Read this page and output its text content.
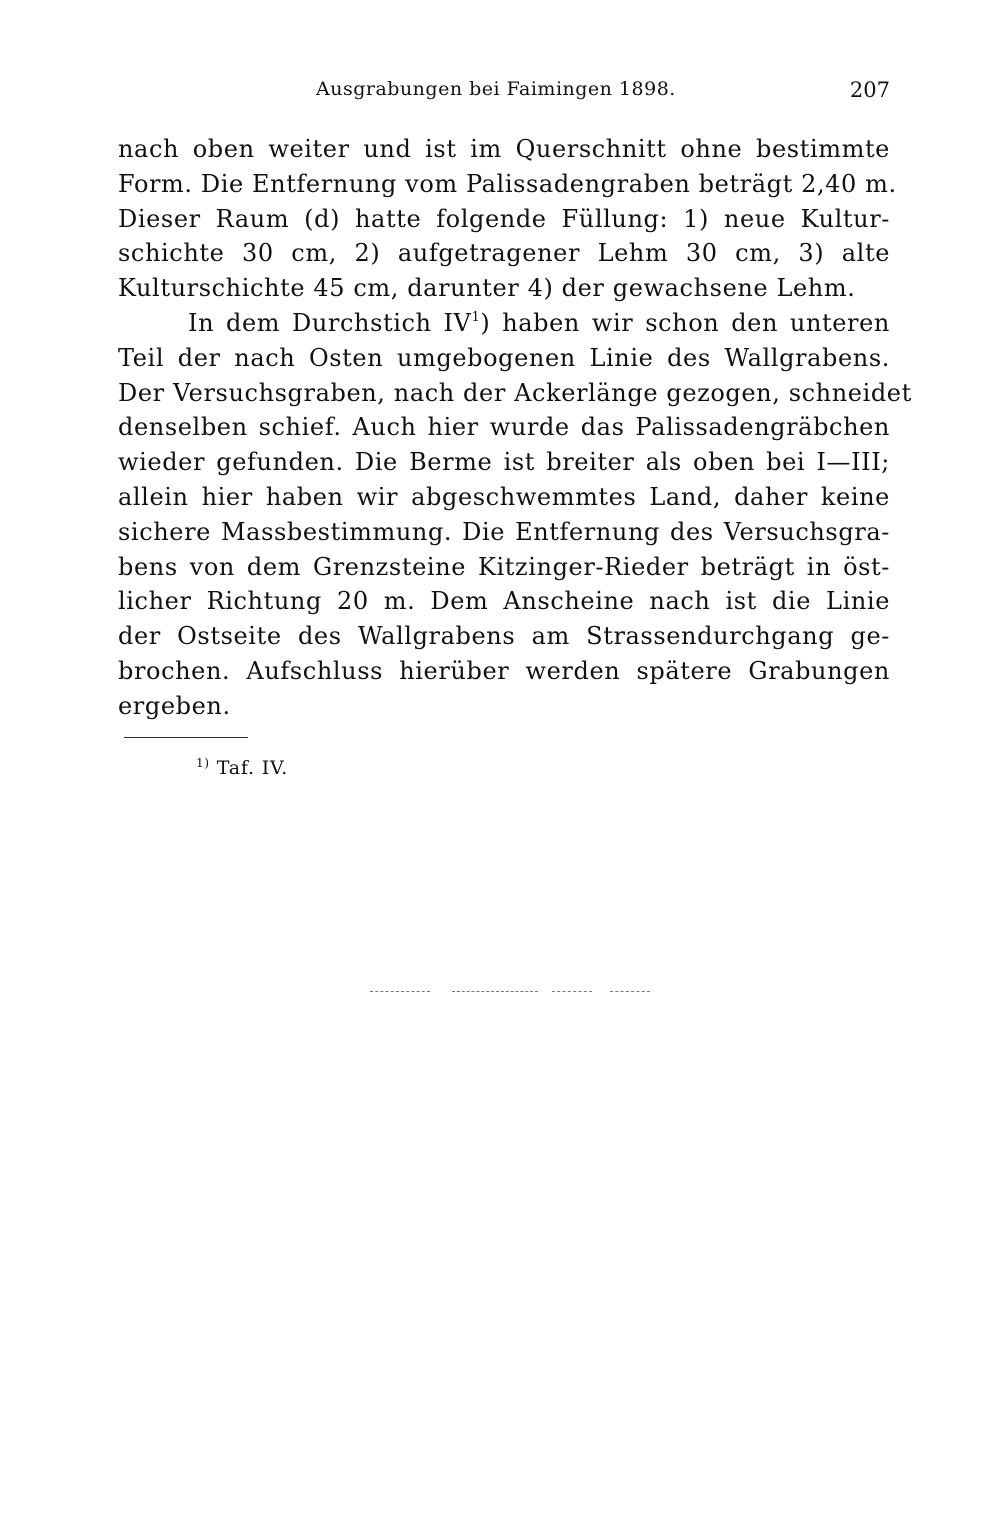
Ausgrabungen bei Faimingen 1898.	207
nach oben weiter und ist im Querschnitt ohne bestimmte
Form. Die Entfernung vom Palissadengraben beträgt 2,40 m.
Dieser Raum (d) hatte folgende Füllung: 1) neue Kultur-
schichte 30 cm, 2) aufgetragener Lehm 30 cm, 3) alte
Kulturschichte 45 cm, darunter 4) der gewachsene Lehm.
In dem Durchstich IV$^1$) haben wir schon den unteren
Teil der nach Osten umgebogenen Linie des Wallgrabens.
Der Versuchsgraben, nach der Ackerlänge gezogen, schneidet
denselben schief. Auch hier wurde das Palissadengräbchen
wieder gefunden. Die Berme ist breiter als oben bei I—III;
allein hier haben wir abgeschwemmtes Land, daher keine
sichere Massbestimmung. Die Entfernung des Versuchsgra-
bens von dem Grenzsteine Kitzinger-Rieder beträgt in öst-
licher Richtung 20 m. Dem Anscheine nach ist die Linie
der Ostseite des Wallgrabens am Strassendurchgang ge-
brochen. Aufschluss hierüber werden spätere Grabungen
ergeben.
$^{1)}$ Taf. IV.
